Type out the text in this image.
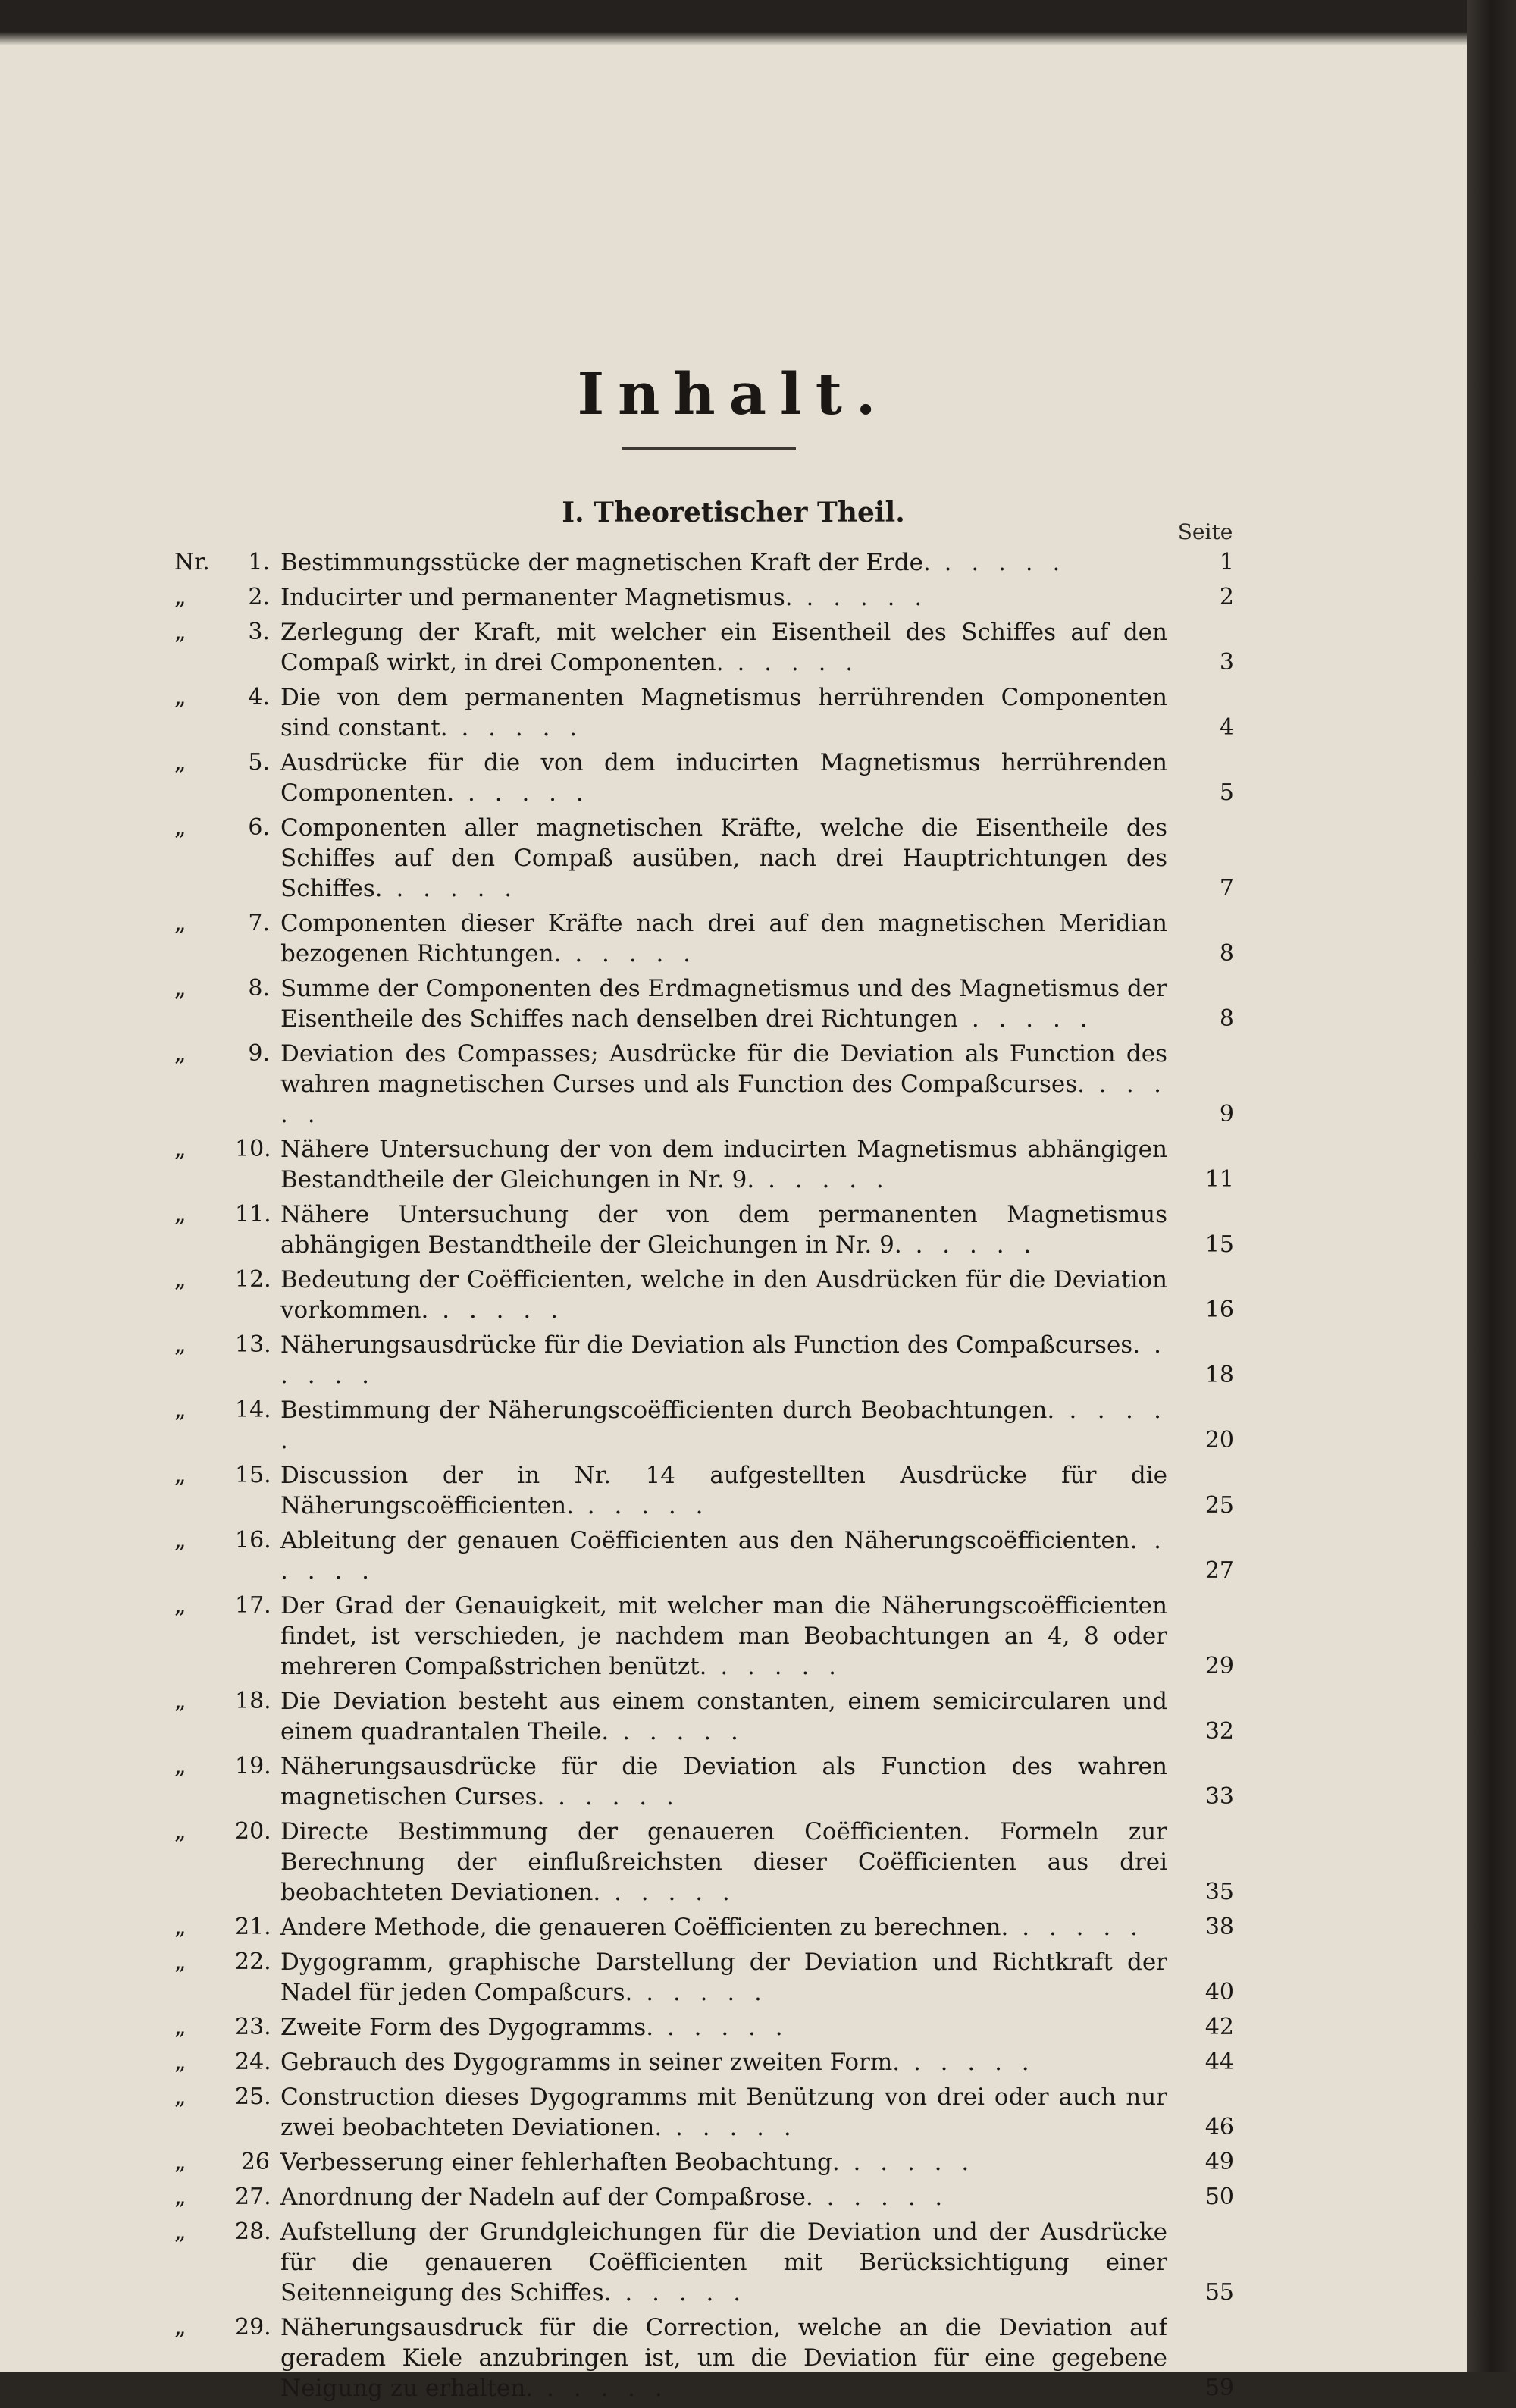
Inhalt.
I. Theoretischer Theil.
Seite
Nr.	1. Bestimmungsstücke der magnetischen Kraft der Erde. . . . . .	1
„	2. Inducirter und permanenter Magnetismus. . . . . .	2
„	3. Zerlegung der Kraft, mit welcher ein Eisentheil des Schiffes auf den Compaß wirkt, in drei Componenten. . . . . .	3
„	4. Die von dem permanenten Magnetismus herrührenden Componenten sind constant. . . . . .	4
„	5. Ausdrücke für die von dem inducirten Magnetismus herrührenden Componenten. . . . . .	5
„	6. Componenten aller magnetischen Kräfte, welche die Eisentheile des Schiffes auf den Compaß ausüben, nach drei Hauptrichtungen des Schiffes. . . . . .	7
„	7. Componenten dieser Kräfte nach drei auf den magnetischen Meridian bezogenen Richtungen. . . . . .	8
„	8. Summe der Componenten des Erdmagnetismus und des Magnetismus der Eisentheile des Schiffes nach denselben drei Richtungen . . . . .	8
„	9. Deviation des Compasses; Ausdrücke für die Deviation als Function des wahren magnetischen Curses und als Function des Compaßcurses. . . . . .	9
„	10. Nähere Untersuchung der von dem inducirten Magnetismus abhängigen Bestandtheile der Gleichungen in Nr. 9. . . . . .	11
„	11. Nähere Untersuchung der von dem permanenten Magnetismus abhängigen Bestandtheile der Gleichungen in Nr. 9. . . . . .	15
„	12. Bedeutung der Coëfficienten, welche in den Ausdrücken für die Deviation vorkommen. . . . . .	16
„	13. Näherungsausdrücke für die Deviation als Function des Compaßcurses. . . . . .	18
„	14. Bestimmung der Näherungscoëfficienten durch Beobachtungen. . . . . .	20
„	15. Discussion der in Nr. 14 aufgestellten Ausdrücke für die Näherungscoëfficienten. . . . . .	25
„	16. Ableitung der genauen Coëfficienten aus den Näherungscoëfficienten. . . . . .	27
„	17. Der Grad der Genauigkeit, mit welcher man die Näherungscoëfficienten findet, ist verschieden, je nachdem man Beobachtungen an 4, 8 oder mehreren Compaßstrichen benützt. . . . . .	29
„	18. Die Deviation besteht aus einem constanten, einem semicircularen und einem quadrantalen Theile. . . . . .	32
„	19. Näherungsausdrücke für die Deviation als Function des wahren magnetischen Curses. . . . . .	33
„	20. Directe Bestimmung der genaueren Coëfficienten. Formeln zur Berechnung der einflußreichsten dieser Coëfficienten aus drei beobachteten Deviationen. . . . . .	35
„	21. Andere Methode, die genaueren Coëfficienten zu berechnen. . . . . .	38
„	22. Dygogramm, graphische Darstellung der Deviation und Richtkraft der Nadel für jeden Compaßcurs. . . . . .	40
„	23. Zweite Form des Dygogramms. . . . . .	42
„	24. Gebrauch des Dygogramms in seiner zweiten Form. . . . . .	44
„	25. Construction dieses Dygogramms mit Benützung von drei oder auch nur zwei beobachteten Deviationen. . . . . .	46
„	26 Verbesserung einer fehlerhaften Beobachtung. . . . . .	49
„	27. Anordnung der Nadeln auf der Compaßrose. . . . . .	50
„	28. Aufstellung der Grundgleichungen für die Deviation und der Ausdrücke für die genaueren Coëfficienten mit Berücksichtigung einer Seitenneigung des Schiffes. . . . . .	55
„	29. Näherungsausdruck für die Correction, welche an die Deviation auf geradem Kiele anzubringen ist, um die Deviation für eine gegebene Neigung zu erhalten. . . . . .	59
